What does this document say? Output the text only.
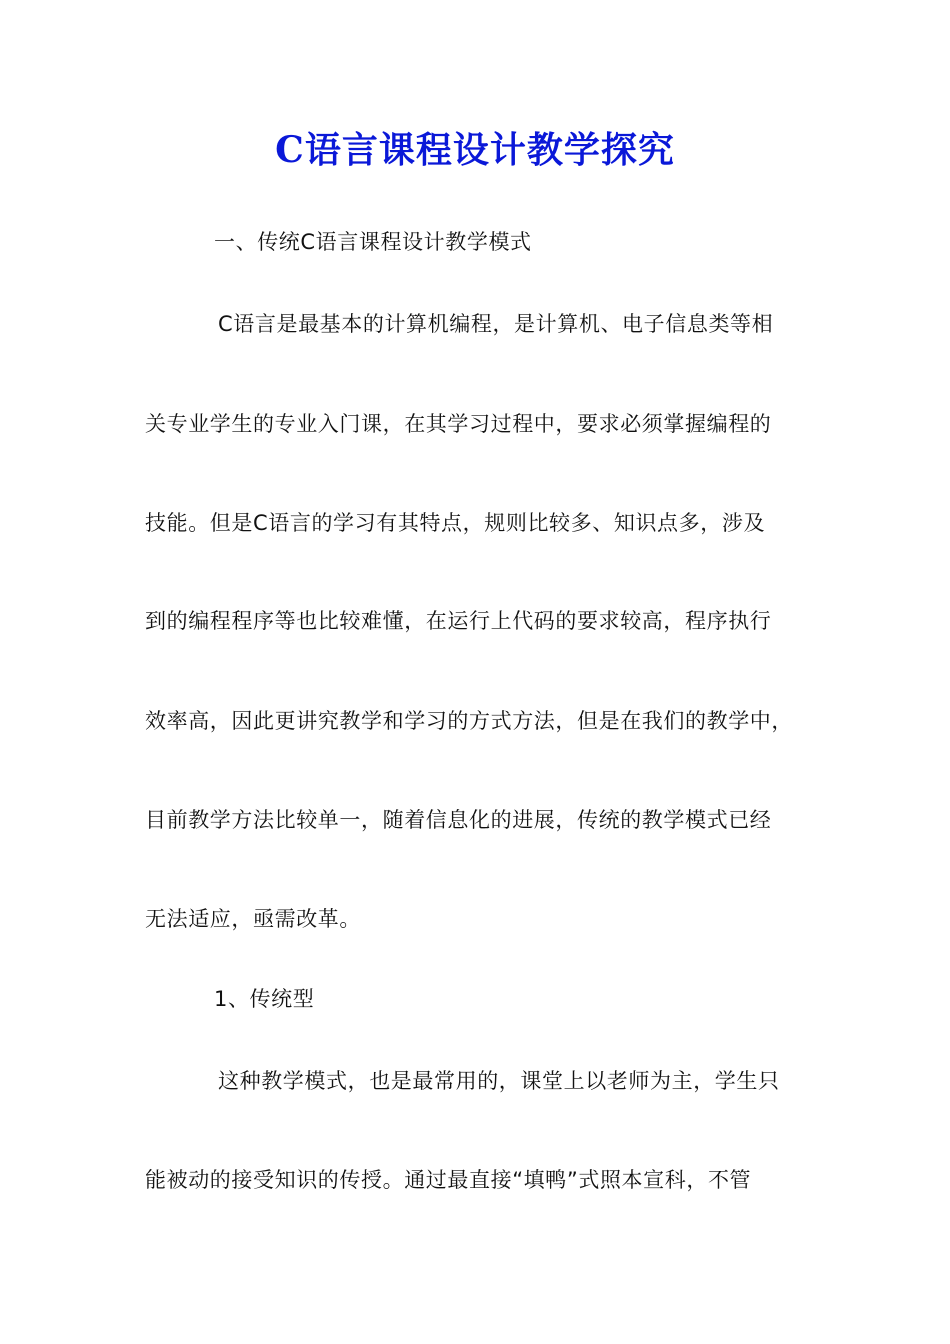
C语言课程设计教学探究
一、传统C语言课程设计教学模式
C语言是最基本的计算机编程，是计算机、电子信息类等相
关专业学生的专业入门课，在其学习过程中，要求必须掌握编程的
技能。但是C语言的学习有其特点，规则比较多、知识点多，涉及
到的编程程序等也比较难懂，在运行上代码的要求较高，程序执行
效率高，因此更讲究教学和学习的方式方法，但是在我们的教学中，
目前教学方法比较单一，随着信息化的进展，传统的教学模式已经
无法适应，亟需改革。
1、传统型
这种教学模式，也是最常用的，课堂上以老师为主，学生只
能被动的接受知识的传授。通过最直接“填鸭”式照本宣科，不管
